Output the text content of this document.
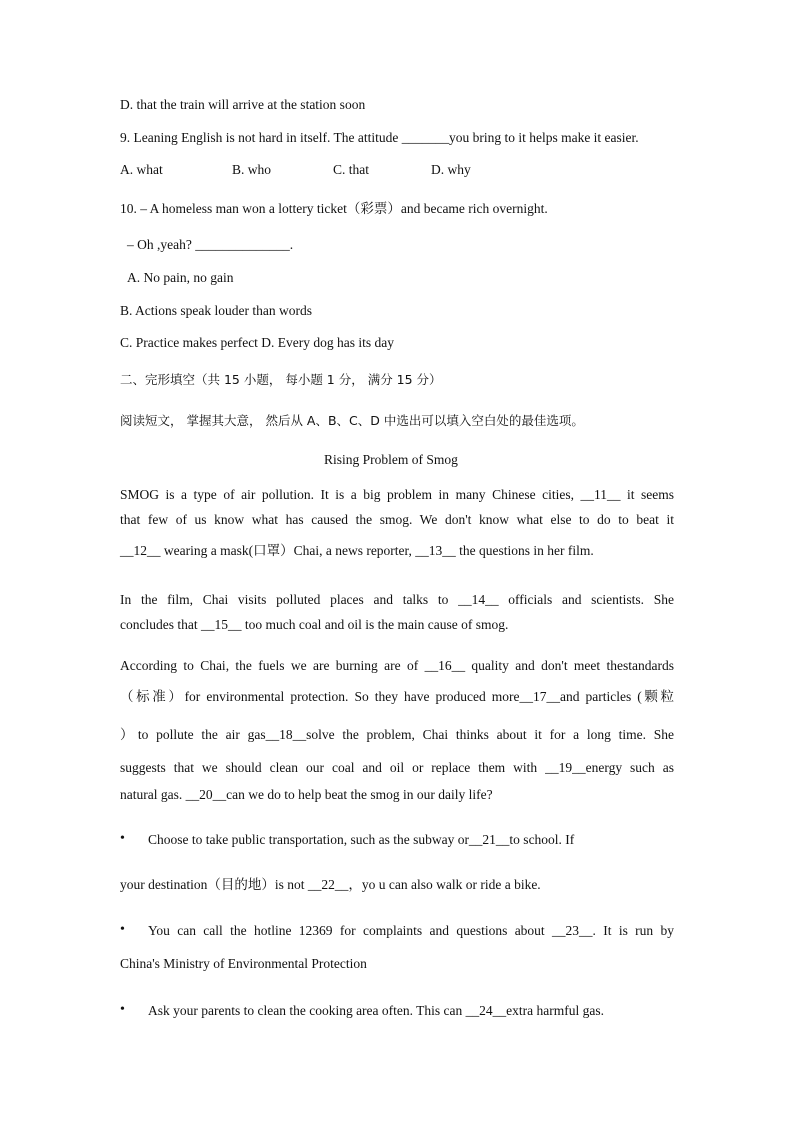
D. that the train will arrive at the station soon
9. Leaning English is not hard in itself. The attitude _______you bring to it helps make it easier.
A. what	B. who	C. that	D. why
10. – A homeless man won a lottery ticket（彩票）and became rich overnight.
– Oh ,yeah? ______________.
A. No pain, no gain
B. Actions speak louder than words
C. Practice makes perfect D. Every dog has its day
二、完形填空（共 15 小题， 每小题 1 分， 满分 15 分）
阅读短文， 掌握其大意， 然后从 A、B、C、D 中选出可以填入空白处的最佳选项。
Rising Problem of Smog
SMOG is a type of air pollution. It is a big problem in many Chinese cities, __11__ it seems
that few of us know what has caused the smog. We don't know what else to do to beat it
__12__ wearing a mask(口罩）Chai, a news reporter, __13__ the questions in her film.
In the film, Chai visits polluted places and talks to __14__ officials and scientists. She
concludes that __15__ too much coal and oil is the main cause of smog.
According to Chai, the fuels we are burning are of __16__ quality and don't meet thestandards
（标准）for environmental protection. So they have produced more__17__and particles (颗粒
）to pollute the air gas__18__solve the problem, Chai thinks about it for a long time. She
suggests that we should clean our coal and oil or replace them with __19__energy such as
natural gas. __20__can we do to help beat the smog in our daily life?
• Choose to take public transportation, such as the subway or__21__to school. If
your destination（目的地）is not __22__，yo u can also walk or ride a bike.
• You can call the hotline 12369 for complaints and questions about __23__. It is run by
China's Ministry of Environmental Protection
• Ask your parents to clean the cooking area often. This can __24__extra harmful gas.
